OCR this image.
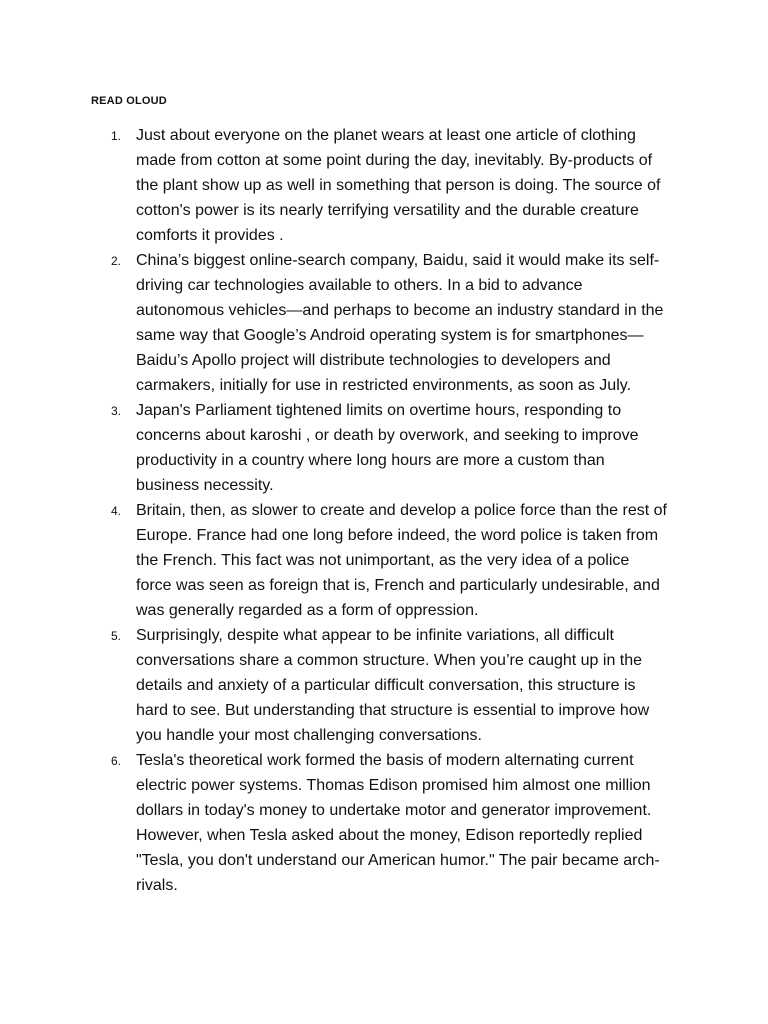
READ OLOUD
1. Just about everyone on the planet wears at least one article of clothing made from cotton at some point during the day, inevitably. By-products of the plant show up as well in something that person is doing. The source of cotton's power is its nearly terrifying versatility and the durable creature comforts it provides .
2. China’s biggest online-search company, Baidu, said it would make its self-driving car technologies available to others. In a bid to advance autonomous vehicles—and perhaps to become an industry standard in the same way that Google’s Android operating system is for smartphones—Baidu’s Apollo project will distribute technologies to developers and carmakers, initially for use in restricted environments, as soon as July.
3. Japan's Parliament tightened limits on overtime hours, responding to concerns about karoshi , or death by overwork, and seeking to improve productivity in a country where long hours are more a custom than business necessity.
4. Britain, then, as slower to create and develop a police force than the rest of Europe. France had one long before indeed, the word police is taken from the French. This fact was not unimportant, as the very idea of a police force was seen as foreign that is, French and particularly undesirable, and was generally regarded as a form of oppression.
5. Surprisingly, despite what appear to be infinite variations, all difficult conversations share a common structure. When you’re caught up in the details and anxiety of a particular difficult conversation, this structure is hard to see. But understanding that structure is essential to improve how you handle your most challenging conversations.
6. Tesla's theoretical work formed the basis of modern alternating current electric power systems. Thomas Edison promised him almost one million dollars in today's money to undertake motor and generator improvement. However, when Tesla asked about the money, Edison reportedly replied "Tesla, you don't understand our American humor." The pair became arch-rivals.
